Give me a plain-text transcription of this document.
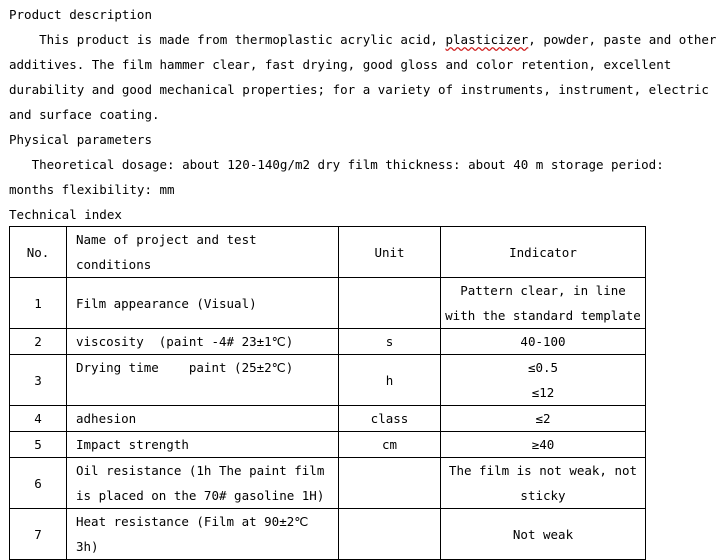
Product description
This product is made from thermoplastic acrylic acid, plasticizer, powder, paste and other
additives. The film hammer clear, fast drying, good gloss and color retention, excellent
durability and good mechanical properties; for a variety of instruments, instrument, electric
and surface coating.
Physical parameters
Theoretical dosage: about 120-140g/m2 dry film thickness: about 40 m storage period:
months flexibility: mm
Technical index
No.	Name of project and test conditions	Unit	Indicator
1	Film appearance (Visual)		Pattern clear, in line with the standard template
2	viscosity  (paint -4# 23±1℃)	s	40-100
3	Drying time    paint (25±2℃)	h	≤0.5
≤12

4	adhesion	class	≤2
5	Impact strength	cm	≥40
6	Oil resistance (1h The paint film is placed on the 70# gasoline 1H)		The film is not weak, not sticky
7	Heat resistance (Film at 90±2℃ 3h)		Not weak
